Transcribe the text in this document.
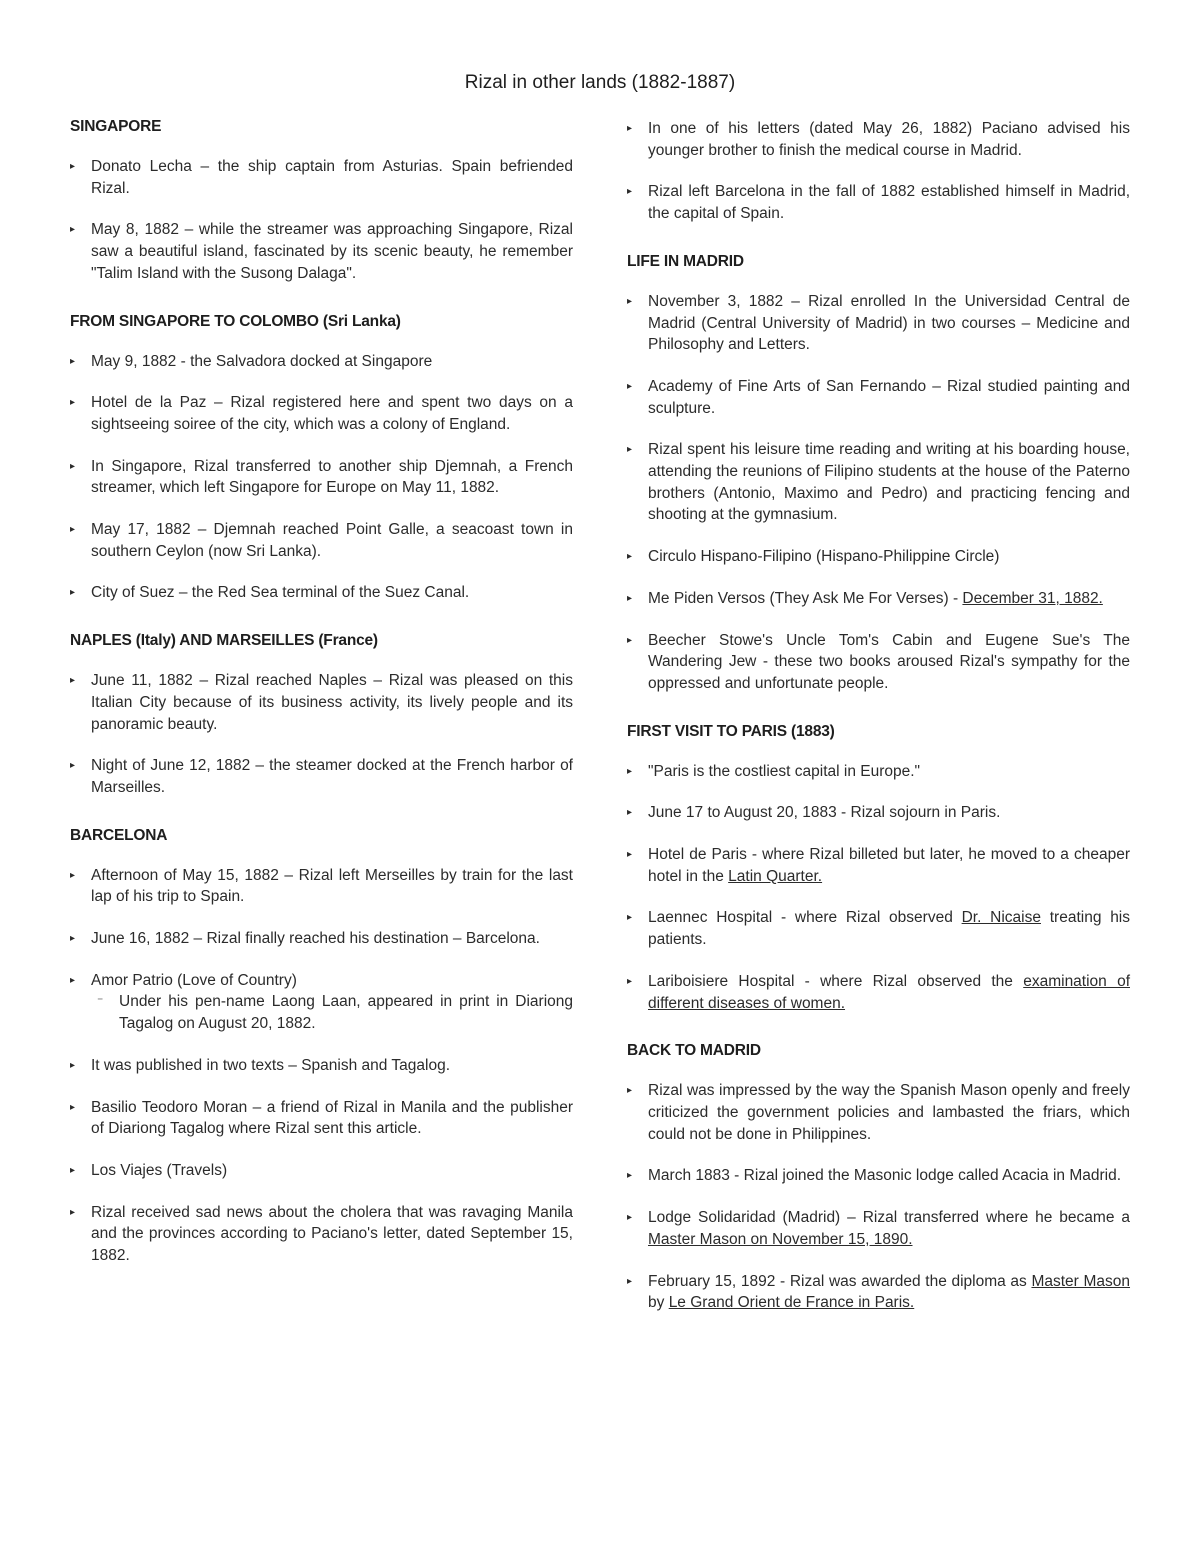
Rizal in other lands (1882-1887)
SINGAPORE
▸ Donato Lecha – the ship captain from Asturias. Spain befriended Rizal.
▸ May 8, 1882 – while the streamer was approaching Singapore, Rizal saw a beautiful island, fascinated by its scenic beauty, he remember "Talim Island with the Susong Dalaga".
FROM SINGAPORE TO COLOMBO (Sri Lanka)
▸ May 9, 1882 - the Salvadora docked at Singapore
▸ Hotel de la Paz – Rizal registered here and spent two days on a sightseeing soiree of the city, which was a colony of England.
▸ In Singapore, Rizal transferred to another ship Djemnah, a French streamer, which left Singapore for Europe on May 11, 1882.
▸ May 17, 1882 – Djemnah reached Point Galle, a seacoast town in southern Ceylon (now Sri Lanka).
▸ City of Suez – the Red Sea terminal of the Suez Canal.
NAPLES (Italy) AND MARSEILLES (France)
▸ June 11, 1882 – Rizal reached Naples – Rizal was pleased on this Italian City because of its business activity, its lively people and its panoramic beauty.
▸ Night of June 12, 1882 – the steamer docked at the French harbor of Marseilles.
BARCELONA
▸ Afternoon of May 15, 1882 – Rizal left Merseilles by train for the last lap of his trip to Spain.
▸ June 16, 1882 – Rizal finally reached his destination – Barcelona.
▸ Amor Patrio (Love of Country)
⁻ Under his pen-name Laong Laan, appeared in print in Diariong Tagalog on August 20, 1882.
▸ It was published in two texts – Spanish and Tagalog.
▸ Basilio Teodoro Moran – a friend of Rizal in Manila and the publisher of Diariong Tagalog where Rizal sent this article.
▸ Los Viajes (Travels)
▸ Rizal received sad news about the cholera that was ravaging Manila and the provinces according to Paciano's letter, dated September 15, 1882.
▸ In one of his letters (dated May 26, 1882) Paciano advised his younger brother to finish the medical course in Madrid.
▸ Rizal left Barcelona in the fall of 1882 established himself in Madrid, the capital of Spain.
LIFE IN MADRID
▸ November 3, 1882 – Rizal enrolled In the Universidad Central de Madrid (Central University of Madrid) in two courses – Medicine and Philosophy and Letters.
▸ Academy of Fine Arts of San Fernando – Rizal studied painting and sculpture.
▸ Rizal spent his leisure time reading and writing at his boarding house, attending the reunions of Filipino students at the house of the Paterno brothers (Antonio, Maximo and Pedro) and practicing fencing and shooting at the gymnasium.
▸ Circulo Hispano-Filipino (Hispano-Philippine Circle)
▸ Me Piden Versos (They Ask Me For Verses) - December 31, 1882.
▸ Beecher Stowe's Uncle Tom's Cabin and Eugene Sue's The Wandering Jew - these two books aroused Rizal's sympathy for the oppressed and unfortunate people.
FIRST VISIT TO PARIS (1883)
▸ "Paris is the costliest capital in Europe."
▸ June 17 to August 20, 1883 - Rizal sojourn in Paris.
▸ Hotel de Paris - where Rizal billeted but later, he moved to a cheaper hotel in the Latin Quarter.
▸ Laennec Hospital - where Rizal observed Dr. Nicaise treating his patients.
▸ Lariboisiere Hospital - where Rizal observed the examination of different diseases of women.
BACK TO MADRID
▸ Rizal was impressed by the way the Spanish Mason openly and freely criticized the government policies and lambasted the friars, which could not be done in Philippines.
▸ March 1883 - Rizal joined the Masonic lodge called Acacia in Madrid.
▸ Lodge Solidaridad (Madrid) – Rizal transferred where he became a Master Mason on November 15, 1890.
▸ February 15, 1892 - Rizal was awarded the diploma as Master Mason by Le Grand Orient de France in Paris.
